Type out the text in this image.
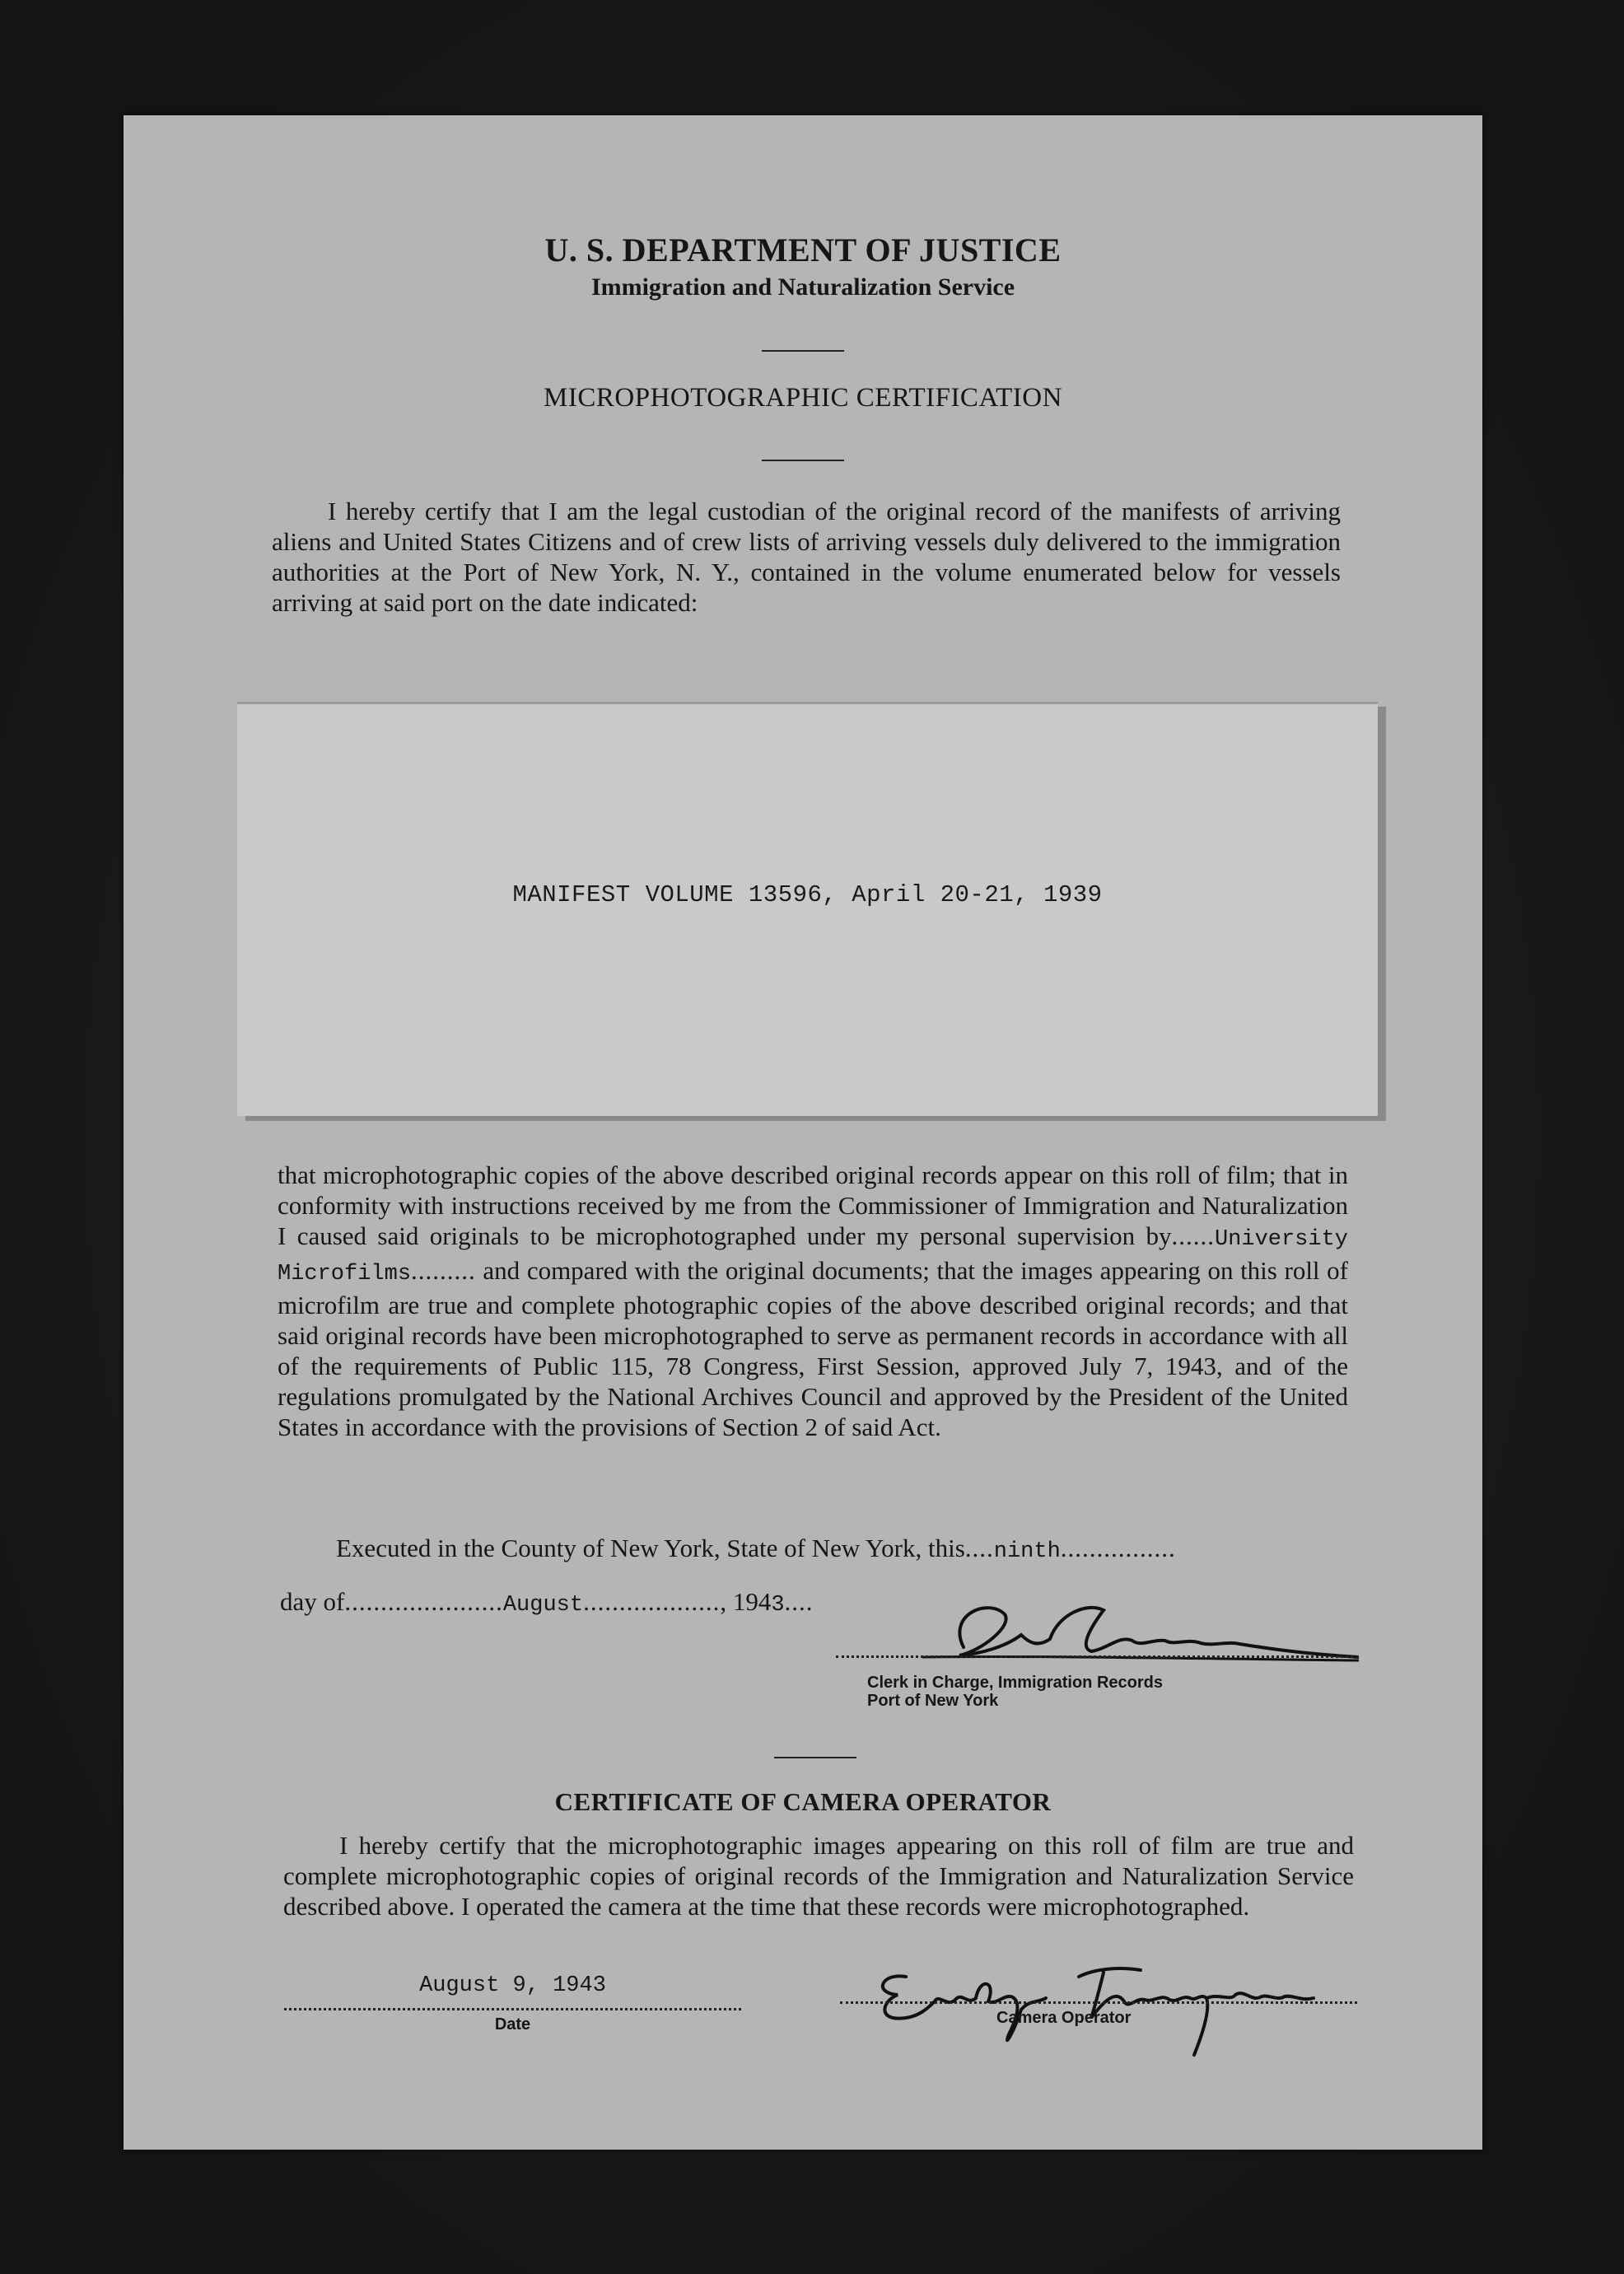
U. S. DEPARTMENT OF JUSTICE
Immigration and Naturalization Service
MICROPHOTOGRAPHIC CERTIFICATION
I hereby certify that I am the legal custodian of the original record of the manifests of arriving aliens and United States Citizens and of crew lists of arriving vessels duly delivered to the immigration authorities at the Port of New York, N. Y., contained in the volume enumerated below for vessels arriving at said port on the date indicated:
MANIFEST VOLUME 13596, April 20-21, 1939
that microphotographic copies of the above described original records appear on this roll of film; that in conformity with instructions received by me from the Commissioner of Immigration and Naturalization I caused said originals to be microphotographed under my personal supervision by......University Microfilms......... and compared with the original documents; that the images appearing on this roll of microfilm are true and complete photographic copies of the above described original records; and that said original records have been microphotographed to serve as permanent records in accordance with all of the requirements of Public 115, 78 Congress, First Session, approved July 7, 1943, and of the regulations promulgated by the National Archives Council and approved by the President of the United States in accordance with the provisions of Section 2 of said Act.
Executed in the County of New York, State of New York, this....ninth................
day of......................August..................., 1943....
Clerk in Charge, Immigration Records
Port of New York
CERTIFICATE OF CAMERA OPERATOR
I hereby certify that the microphotographic images appearing on this roll of film are true and complete microphotographic copies of original records of the Immigration and Naturalization Service described above. I operated the camera at the time that these records were microphotographed.
August 9, 1943
Date	Camera Operator
